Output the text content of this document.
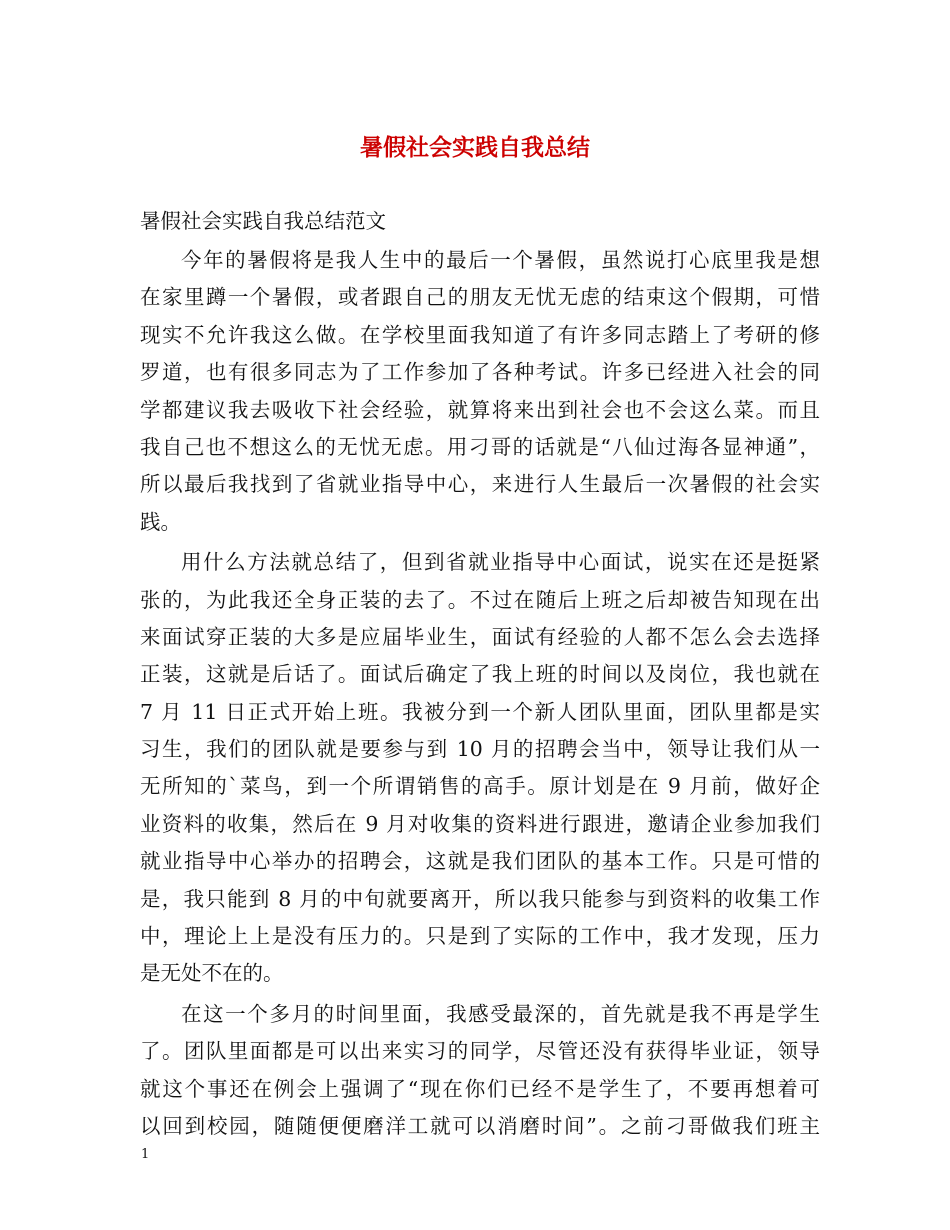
暑假社会实践自我总结
暑假社会实践自我总结范文
今年的暑假将是我人生中的最后一个暑假，虽然说打心底里我是想
在家里蹲一个暑假，或者跟自己的朋友无忧无虑的结束这个假期，可惜
现实不允许我这么做。在学校里面我知道了有许多同志踏上了考研的修
罗道，也有很多同志为了工作参加了各种考试。许多已经进入社会的同
学都建议我去吸收下社会经验，就算将来出到社会也不会这么菜。而且
我自己也不想这么的无忧无虑。用刁哥的话就是“八仙过海各显神通”，
所以最后我找到了省就业指导中心，来进行人生最后一次暑假的社会实
践。
用什么方法就总结了，但到省就业指导中心面试，说实在还是挺紧
张的，为此我还全身正装的去了。不过在随后上班之后却被告知现在出
来面试穿正装的大多是应届毕业生，面试有经验的人都不怎么会去选择
正装，这就是后话了。面试后确定了我上班的时间以及岗位，我也就在
7 月 11 日正式开始上班。我被分到一个新人团队里面，团队里都是实
习生，我们的团队就是要参与到 10 月的招聘会当中，领导让我们从一
无所知的`菜鸟，到一个所谓销售的高手。原计划是在 9 月前，做好企
业资料的收集，然后在 9 月对收集的资料进行跟进，邀请企业参加我们
就业指导中心举办的招聘会，这就是我们团队的基本工作。只是可惜的
是，我只能到 8 月的中旬就要离开，所以我只能参与到资料的收集工作
中，理论上上是没有压力的。只是到了实际的工作中，我才发现，压力
是无处不在的。
在这一个多月的时间里面，我感受最深的，首先就是我不再是学生
了。团队里面都是可以出来实习的同学，尽管还没有获得毕业证，领导
就这个事还在例会上强调了“现在你们已经不是学生了，不要再想着可
以回到校园，随随便便磨洋工就可以消磨时间”。之前刁哥做我们班主
1
